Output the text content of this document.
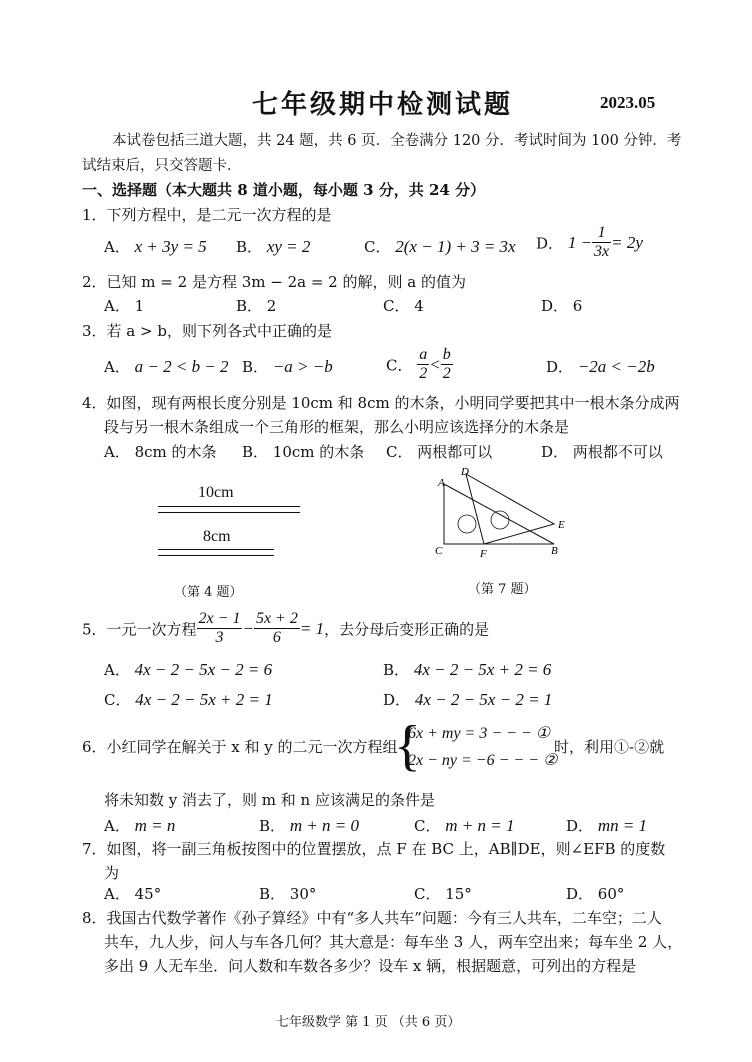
七年级期中检测试题	2023.05
本试卷包括三道大题，共 24 题，共 6 页．全卷满分 120 分．考试时间为 100 分钟．考
试结束后，只交答题卡．
一、选择题（本大题共 8 道小题，每小题 3 分，共 24 分）
1．下列方程中，是二元一次方程的是
A． x + 3y = 5 B． xy = 2	C． 2(x − 1) + 3 = 3x D． $1 - \frac{1}{3x} = 2y$
2．已知 m = 2 是方程 3m − 2a = 2 的解，则 a 的值为
A． 1	B． 2	C． 4	D． 6
3．若 a > b，则下列各式中正确的是
A． a − 2 < b − 2 B． −a > −b	C． $\frac{a}{2} < \frac{b}{2}$	D． −2a < −2b
4．如图，现有两根长度分别是 10cm 和 8cm 的木条，小明同学要把其中一根木条分成两
段与另一根木条组成一个三角形的框架，那么小明应该选择分的木条是
A． 8cm 的木条 B． 10cm 的木条 C． 两根都可以	D． 两根都不可以
10cm
8cm
（第 4 题）
A
D
E
C	F	B
（第 7 题）
5．一元一次方程 $\frac{2x - 1}{3} - \frac{5x + 2}{6} = 1$，去分母后变形正确的是
A． 4x − 2 − 5x − 2 = 6	B． 4x − 2 − 5x + 2 = 6
C． 4x − 2 − 5x + 2 = 1	D． 4x − 2 − 5x − 2 = 1
6．小红同学在解关于 x 和 y 的二元一次方程组
{
6x + my = 3 − − − ①
2x − ny = −6 − − − ②
时，利用①-②就
将未知数 y 消去了，则 m 和 n 应该满足的条件是
A． m = n	B． m + n = 0	C． m + n = 1	D． mn = 1
7．如图，将一副三角板按图中的位置摆放，点 F 在 BC 上，AB∥DE，则∠EFB 的度数
为
A． 45°	B． 30°	C． 15°	D． 60°
8．我国古代数学著作《孙子算经》中有“多人共车”问题：今有三人共车，二车空；二人
共车，九人步，问人与车各几何？其大意是：每车坐 3 人，两车空出来；每车坐 2 人，
多出 9 人无车坐．问人数和车数各多少？设车 x 辆，根据题意，可列出的方程是
七年级数学 第 1 页 （共 6 页）
